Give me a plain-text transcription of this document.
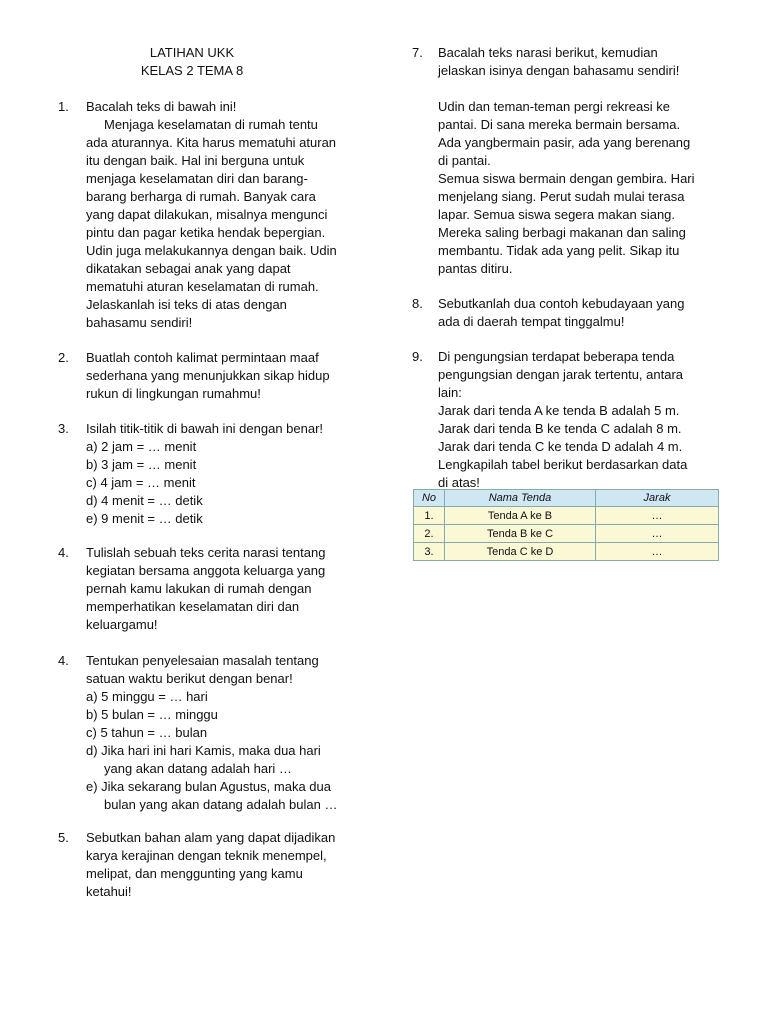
LATIHAN UKK
KELAS 2 TEMA 8
1. Bacalah teks di bawah ini!
Menjaga keselamatan di rumah tentu
ada aturannya. Kita harus mematuhi aturan
itu dengan baik. Hal ini berguna untuk
menjaga keselamatan diri dan barang-
barang berharga di rumah. Banyak cara
yang dapat dilakukan, misalnya mengunci
pintu dan pagar ketika hendak bepergian.
Udin juga melakukannya dengan baik. Udin
dikatakan sebagai anak yang dapat
mematuhi aturan keselamatan di rumah.
Jelaskanlah isi teks di atas dengan
bahasamu sendiri!
2. Buatlah contoh kalimat permintaan maaf
sederhana yang menunjukkan sikap hidup
rukun di lingkungan rumahmu!
3. Isilah titik-titik di bawah ini dengan benar!
a) 2 jam = … menit
b) 3 jam = … menit
c) 4 jam = … menit
d) 4 menit = … detik
e) 9 menit = … detik
4. Tulislah sebuah teks cerita narasi tentang
kegiatan bersama anggota keluarga yang
pernah kamu lakukan di rumah dengan
memperhatikan keselamatan diri dan
keluargamu!
4. Tentukan penyelesaian masalah tentang
satuan waktu berikut dengan benar!
a) 5 minggu = … hari
b) 5 bulan = … minggu
c) 5 tahun = … bulan
d) Jika hari ini hari Kamis, maka dua hari
yang akan datang adalah hari …
e) Jika sekarang bulan Agustus, maka dua
bulan yang akan datang adalah bulan …
5. Sebutkan bahan alam yang dapat dijadikan
karya kerajinan dengan teknik menempel,
melipat, dan menggunting yang kamu
ketahui!
7. Bacalah teks narasi berikut, kemudian
jelaskan isinya dengan bahasamu sendiri!
Udin dan teman-teman pergi rekreasi ke
pantai. Di sana mereka bermain bersama.
Ada yangbermain pasir, ada yang berenang
di pantai.
Semua siswa bermain dengan gembira. Hari
menjelang siang. Perut sudah mulai terasa
lapar. Semua siswa segera makan siang.
Mereka saling berbagi makanan dan saling
membantu. Tidak ada yang pelit. Sikap itu
pantas ditiru.
8. Sebutkanlah dua contoh kebudayaan yang
ada di daerah tempat tinggalmu!
9. Di pengungsian terdapat beberapa tenda
pengungsian dengan jarak tertentu, antara
lain:
Jarak dari tenda A ke tenda B adalah 5 m.
Jarak dari tenda B ke tenda C adalah 8 m.
Jarak dari tenda C ke tenda D adalah 4 m.
Lengkapilah tabel berikut berdasarkan data
di atas!
No	Nama Tenda	Jarak
1.	Tenda A ke B	…
2.	Tenda B ke C	…
3.	Tenda C ke D	…
